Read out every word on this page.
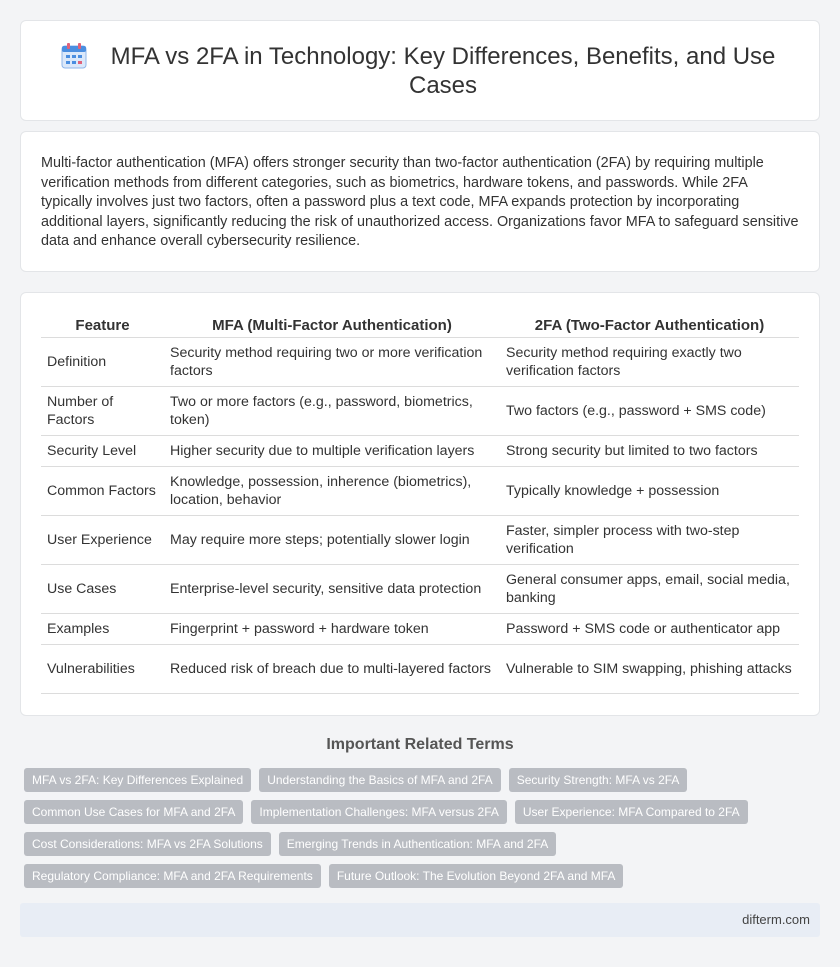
MFA vs 2FA in Technology: Key Differences, Benefits, and Use Cases

Multi-factor authentication (MFA) offers stronger security than two-factor authentication (2FA) by requiring multiple verification methods from different categories, such as biometrics, hardware tokens, and passwords. While 2FA typically involves just two factors, often a password plus a text code, MFA expands protection by incorporating additional layers, significantly reducing the risk of unauthorized access. Organizations favor MFA to safeguard sensitive data and enhance overall cybersecurity resilience.

Feature	MFA (Multi-Factor Authentication)	2FA (Two-Factor Authentication)
Definition	Security method requiring two or more verification factors	Security method requiring exactly two verification factors
Number of Factors	Two or more factors (e.g., password, biometrics, token)	Two factors (e.g., password + SMS code)
Security Level	Higher security due to multiple verification layers	Strong security but limited to two factors
Common Factors	Knowledge, possession, inherence (biometrics), location, behavior	Typically knowledge + possession
User Experience	May require more steps; potentially slower login	Faster, simpler process with two-step verification
Use Cases	Enterprise-level security, sensitive data protection	General consumer apps, email, social media, banking
Examples	Fingerprint + password + hardware token	Password + SMS code or authenticator app
Vulnerabilities	Reduced risk of breach due to multi-layered factors	Vulnerable to SIM swapping, phishing attacks
Important Related Terms
MFA vs 2FA: Key Differences Explained	Understanding the Basics of MFA and 2FA	Security Strength: MFA vs 2FA
Common Use Cases for MFA and 2FA	Implementation Challenges: MFA versus 2FA	User Experience: MFA Compared to 2FA
Cost Considerations: MFA vs 2FA Solutions	Emerging Trends in Authentication: MFA and 2FA
Regulatory Compliance: MFA and 2FA Requirements	Future Outlook: The Evolution Beyond 2FA and MFA
difterm.com
